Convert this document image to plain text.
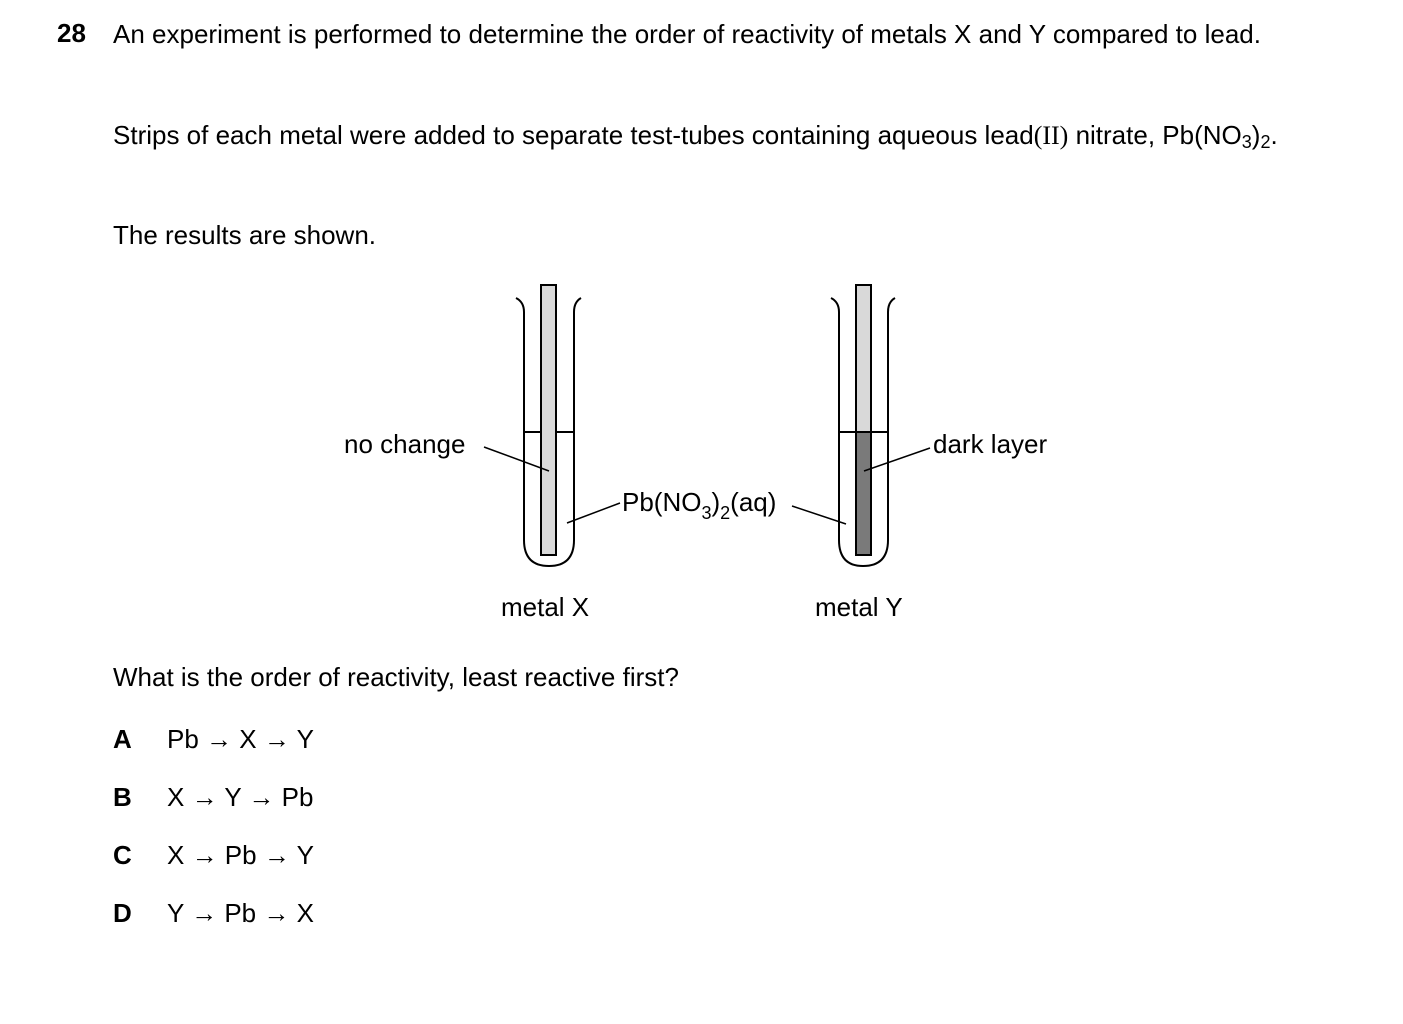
28 An experiment is performed to determine the order of reactivity of metals X and Y compared to lead.
Strips of each metal were added to separate test-tubes containing aqueous lead(II) nitrate, $Pb(NO_3)_2$.
The results are shown.
no change	dark layer
$Pb(NO_3)_2(aq)$
metal X	metal Y
What is the order of reactivity, least reactive first?
A Pb → X → Y
B X → Y → Pb
C X → Pb → Y
D Y → Pb → X
